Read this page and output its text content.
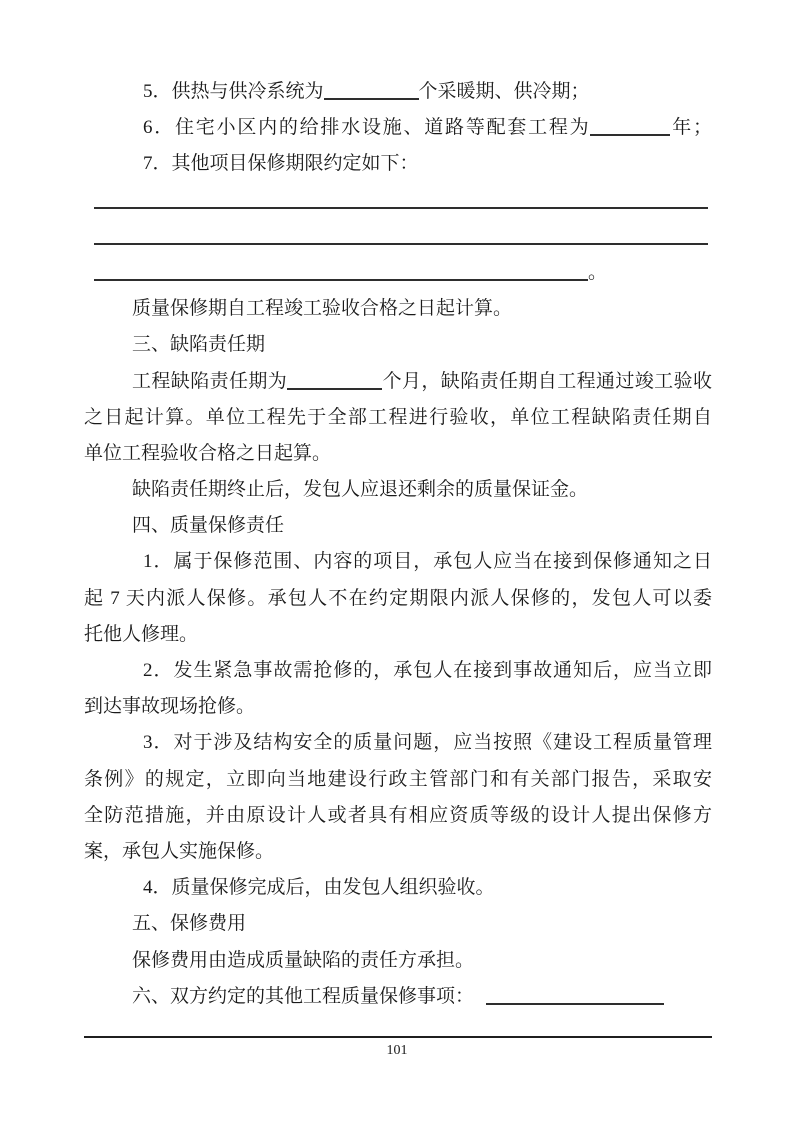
5．供热与供冷系统为	个采暖期、供冷期；

6．住宅小区内的给排水设施、道路等配套工程为	年；

7．其他项目保修期限约定如下：

。

质量保修期自工程竣工验收合格之日起计算。

三、缺陷责任期

工程缺陷责任期为	个月，缺陷责任期自工程通过竣工验收

之日起计算。单位工程先于全部工程进行验收，单位工程缺陷责任期自

单位工程验收合格之日起算。

缺陷责任期终止后，发包人应退还剩余的质量保证金。

四、质量保修责任

1．属于保修范围、内容的项目，承包人应当在接到保修通知之日

起 7 天内派人保修。承包人不在约定期限内派人保修的，发包人可以委

托他人修理。

2．发生紧急事故需抢修的，承包人在接到事故通知后，应当立即

到达事故现场抢修。

3．对于涉及结构安全的质量问题，应当按照《建设工程质量管理

条例》的规定，立即向当地建设行政主管部门和有关部门报告，采取安

全防范措施，并由原设计人或者具有相应资质等级的设计人提出保修方

案，承包人实施保修。

4．质量保修完成后，由发包人组织验收。

五、保修费用

保修费用由造成质量缺陷的责任方承担。

六、双方约定的其他工程质量保修事项：

101
